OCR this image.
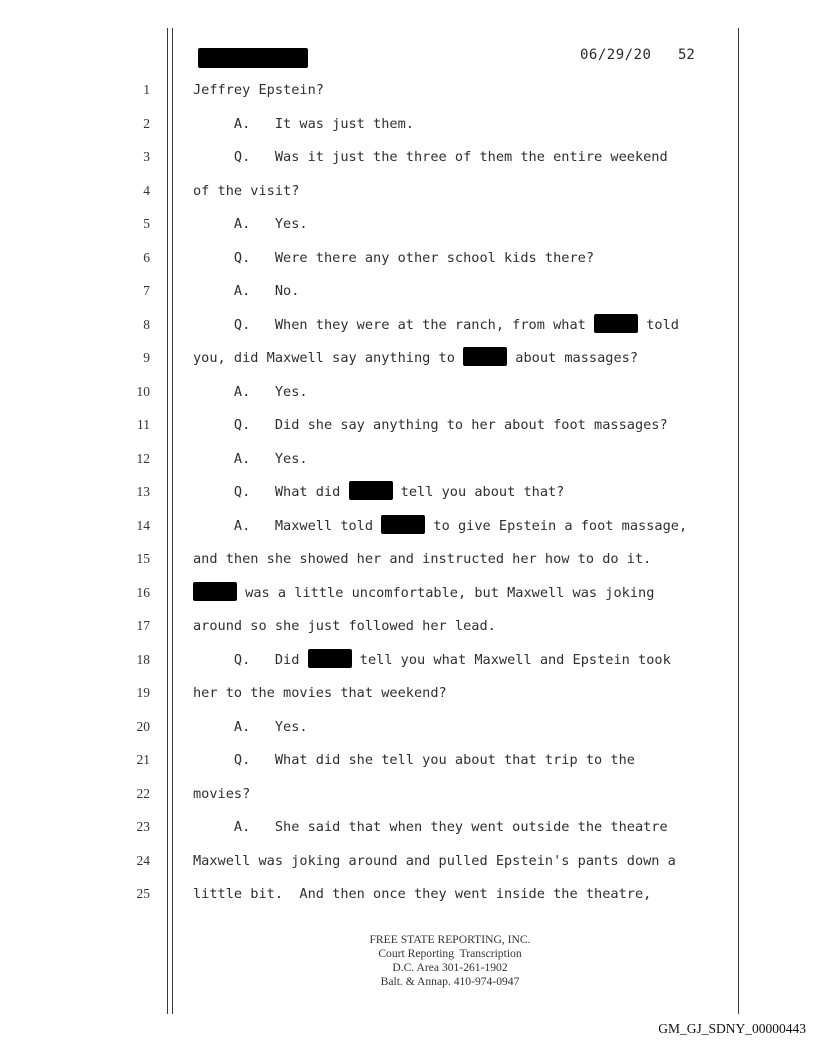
06/29/20 52
1	Jeffrey Epstein?
2	A.   It was just them.
3	Q.   Was it just the three of them the entire weekend
4	of the visit?
5	A.   Yes.
6	Q.   Were there any other school kids there?
7	A.   No.
8	Q.   When they were at the ranch, from what	told
9	you, did Maxwell say anything to	about massages?
10	A.   Yes.
11	Q.   Did she say anything to her about foot massages?
12	A.   Yes.
13	Q.   What did	tell you about that?
14	A.   Maxwell told	to give Epstein a foot massage,
15	and then she showed her and instructed her how to do it.
16	was a little uncomfortable, but Maxwell was joking
17	around so she just followed her lead.
18	Q.   Did	tell you what Maxwell and Epstein took
19	her to the movies that weekend?
20	A.   Yes.
21	Q.   What did she tell you about that trip to the
22	movies?
23	A.   She said that when they went outside the theatre
24	Maxwell was joking around and pulled Epstein's pants down a
25	little bit.  And then once they went inside the theatre,
FREE STATE REPORTING, INC.
Court Reporting  Transcription
D.C. Area 301-261-1902
Balt. & Annap. 410-974-0947
GM_GJ_SDNY_00000443
